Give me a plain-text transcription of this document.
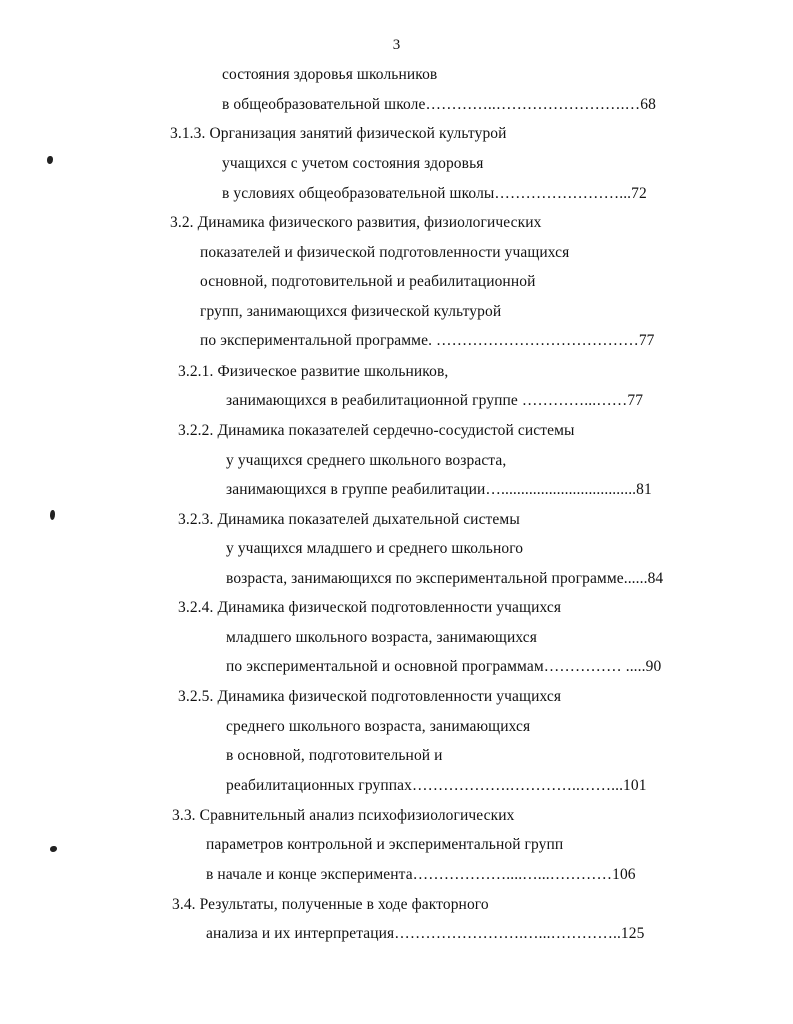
3
состояния здоровья школьников
в общеобразовательной школе…………..…………………….…68
3.1.3. Организация занятий физической культурой
учащихся с учетом состояния здоровья
в условиях общеобразовательной школы……………………...72
3.2. Динамика физического развития, физиологических
показателей и физической подготовленности учащихся
основной, подготовительной и реабилитационной
групп, занимающихся физической культурой
по экспериментальной программе. …………………………………77
3.2.1. Физическое развитие школьников,
занимающихся в реабилитационной группе …………...……77
3.2.2. Динамика показателей сердечно-сосудистой системы
у учащихся среднего школьного возраста,
занимающихся в группе реабилитации…..................................81
3.2.3. Динамика показателей дыхательной системы
у учащихся младшего и среднего школьного
возраста, занимающихся по экспериментальной программе......84
3.2.4. Динамика физической подготовленности учащихся
младшего школьного возраста, занимающихся
по экспериментальной и основной программам…………… .....90
3.2.5. Динамика физической подготовленности учащихся
среднего школьного возраста, занимающихся
в основной, подготовительной и
реабилитационных группах……………….…………..……...101
3.3. Сравнительный анализ психофизиологических
параметров контрольной и экспериментальной групп
в начале и конце эксперимента………………....…...…………106
3.4. Результаты, полученные в ходе факторного
анализа и их интерпретация…………………….…...…………..125
